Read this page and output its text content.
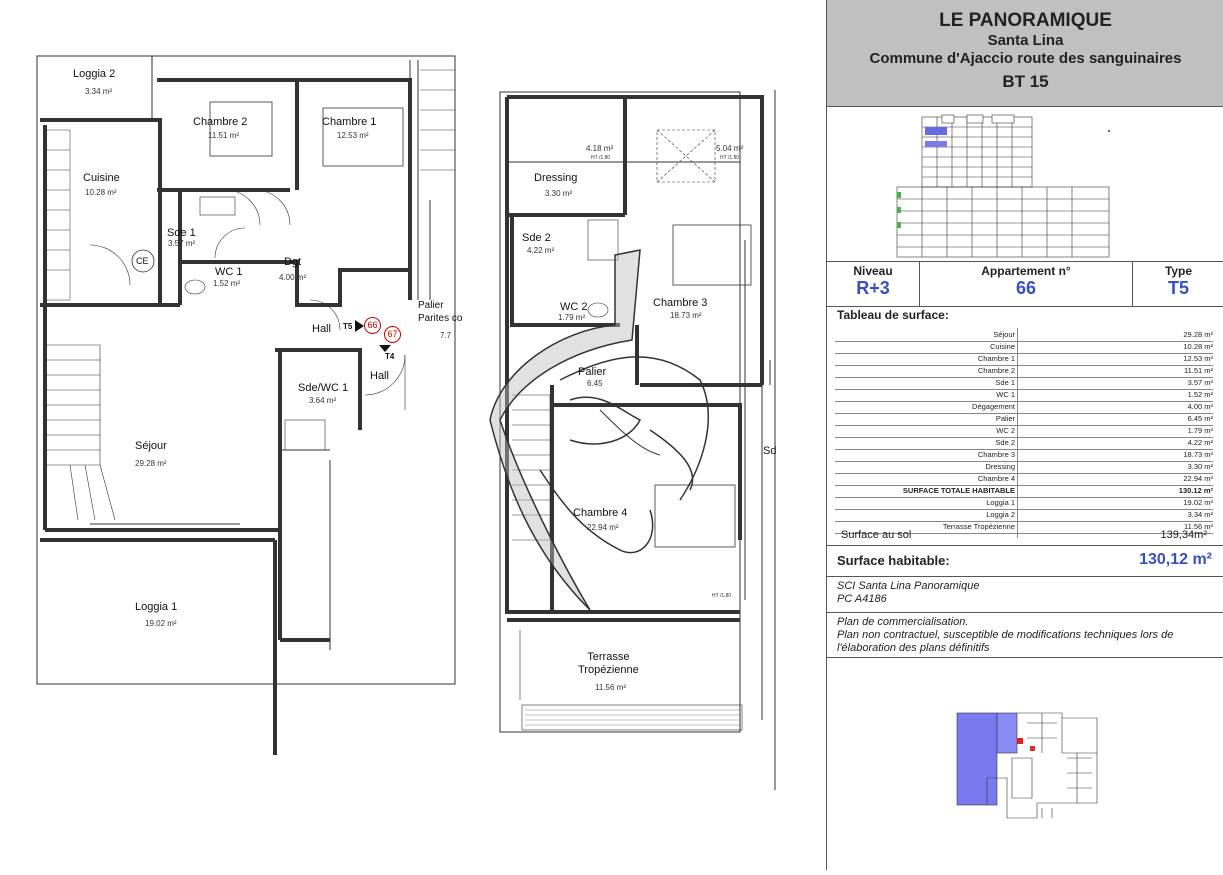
Loggia 2
3.34 m²
Chambre 2
11.51 m²
Chambre 1
12.53 m²
Cuisine
10.28 m²
Sde 1
3.57 m²
Dgt
4.00 m²
WC 1
1.52 m²
Séjour
29.28 m²
Loggia 1
19.02 m²
Hall
Hall
Sde/WC 1
3.64 m²
Palier
Parites co
7.7
CE
T5
T4
66
67
Dressing
3.30 m²
4.18 m²
HT /1.80
5.04 m²
HT /1.80
Sde 2
4.22 m²
WC 2
1.79 m²
Chambre 3
18.73 m²
Palier
6.45
Chambre 4
22.94 m²
HT /1.80
Terrasse
Tropézienne
11.56 m²
Sd
LE PANORAMIQUE
Santa Lina
Commune d'Ajaccio route des sanguinaires
BT 15
Niveau
R+3
Appartement n°
66
Type
T5
Tableau de surface:
Séjour	29.28 m²
Cuisine	10.28 m²
Chambre 1	12.53 m²
Chambre 2	11.51 m²
Sde 1	3.57 m²
WC 1	1.52 m²
Dégagement	4.00 m²
Palier	6.45 m²
WC 2	1.79 m²
Sde 2	4.22 m²
Chambre 3	18.73 m²
Dressing	3.30 m²
Chambre 4	22.94 m²
SURFACE TOTALE HABITABLE	130.12 m²
Loggia 1	19.02 m²
Loggia 2	3.34 m²
Terrasse Tropézienne	11.56 m²
Surface au sol	139,34m²
Surface habitable:	130,12 m²
SCI Santa Lina Panoramique
PC A4186
Plan de commercialisation.
Plan non contractuel, susceptible de modifications techniques lors de
l'élaboration des plans définitifs
